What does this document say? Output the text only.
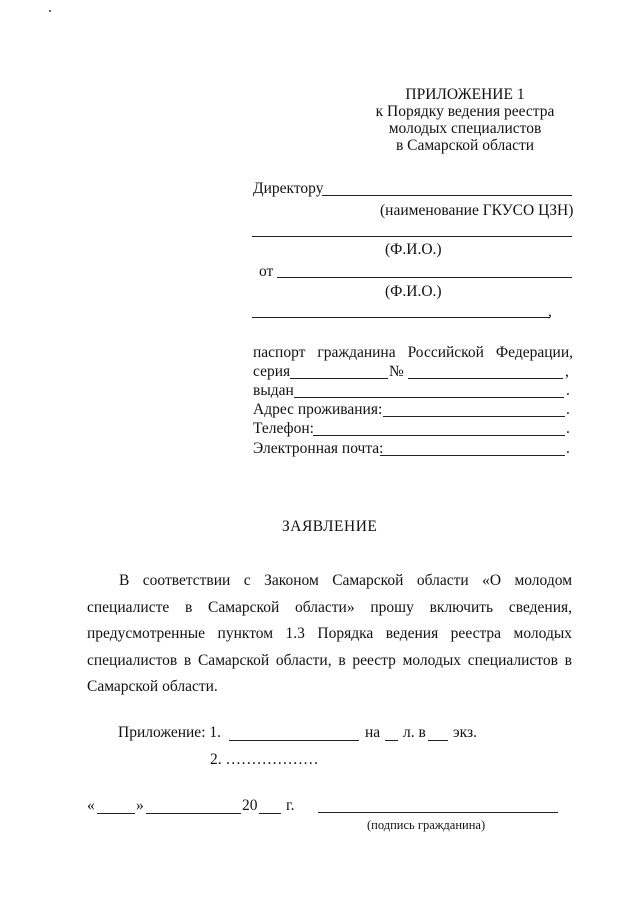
ПРИЛОЖЕНИЕ 1
к Порядку ведения реестра
молодых специалистов
в Самарской области
Директору
(наименование ГКУСО ЦЗН)
(Ф.И.О.)
от
(Ф.И.О.)
,
паспорт гражданина Российской Федерации,
серия	№	,
выдан	.
Адрес проживания:	.
Телефон:	.
Электронная почта:	.
ЗАЯВЛЕНИЕ

В соответствии с Законом Самарской области «О молодом специалисте в Самарской области» прошу включить сведения, предусмотренные пунктом 1.3 Порядка ведения реестра молодых специалистов в Самарской области, в реестр молодых специалистов в Самарской области.

Приложение: 1.	на л. в экз.
2. ………………
«	»	20 г.
(подпись гражданина)
